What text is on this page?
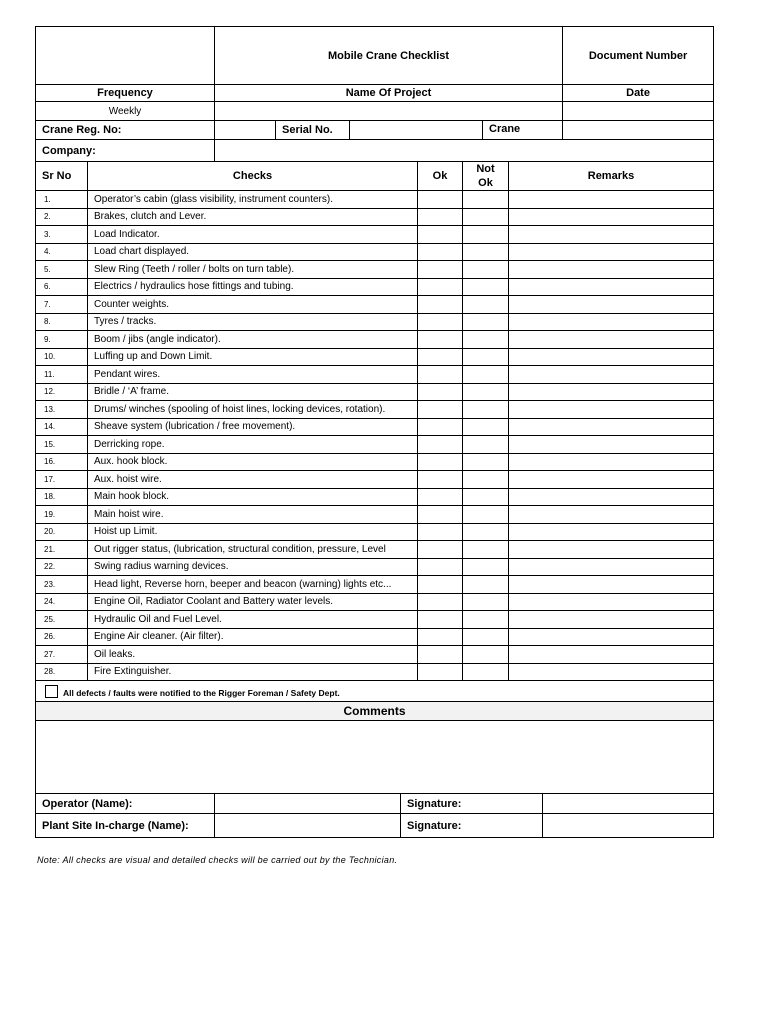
	Mobile Crane Checklist				Document Number
Frequency	Name Of Project				Date
Weekly					
Crane Reg. No:		Serial No.		Crane	
Company:					
Sr No	Checks	Ok	Not Ok	Remarks
1.	Operator’s cabin (glass visibility, instrument counters).			
2.	Brakes, clutch and Lever.			
3.	Load Indicator.			
4.	Load chart displayed.			
5.	Slew Ring (Teeth / roller / bolts on turn table).			
6.	Electrics / hydraulics hose fittings and tubing.			
7.	Counter weights.			
8.	Tyres / tracks.			
9.	Boom / jibs (angle indicator).			
10.	Luffing up and Down Limit.			
11.	Pendant wires.			
12.	Bridle / ‘A’ frame.			
13.	Drums/ winches (spooling of hoist lines, locking devices, rotation).			
14.	Sheave system (lubrication / free movement).			
15.	Derricking rope.			
16.	Aux. hook block.			
17.	Aux. hoist wire.			
18.	Main hook block.			
19.	Main hoist wire.			
20.	Hoist up Limit.			
21.	Out rigger status, (lubrication, structural condition, pressure, Level			
22.	Swing radius warning devices.			
23.	Head light, Reverse horn, beeper and beacon (warning) lights etc...			
24.	Engine Oil, Radiator Coolant and Battery water levels.			
25.	Hydraulic Oil and Fuel Level.			
26.	Engine Air cleaner. (Air filter).			
27.	Oil leaks.			
28.	Fire Extinguisher.			
All defects / faults were notified to the Rigger Foreman / Safety Dept.				
Comments				

Operator (Name):		Signature:	
Plant Site In-charge (Name):		Signature:	
Note: All checks are visual and detailed checks will be carried out by the Technician.
